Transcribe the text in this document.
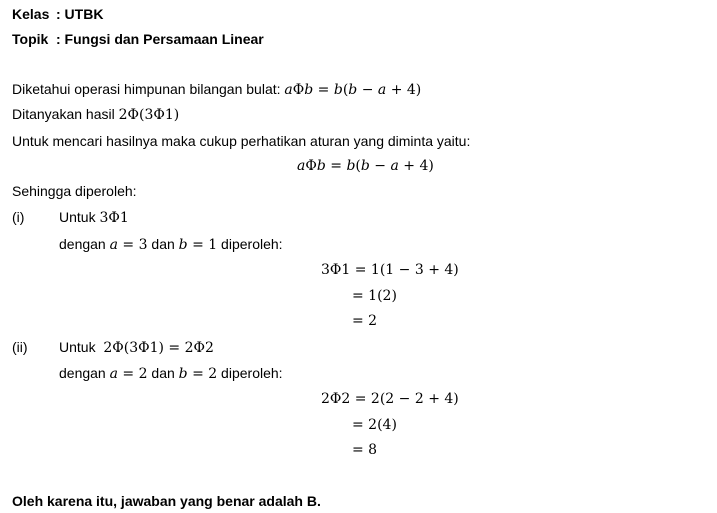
Kelas : UTBK
Topik : Fungsi dan Persamaan Linear
Diketahui operasi himpunan bilangan bulat: aΦb = b(b − a + 4)
Ditanyakan hasil 2Φ(3Φ1)
Untuk mencari hasilnya maka cukup perhatikan aturan yang diminta yaitu:
aΦb = b(b − a + 4)
Sehingga diperoleh:
(i) Untuk 3Φ1
dengan a = 3 dan b = 1 diperoleh:
3Φ1 = 1(1 − 3 + 4)
= 1(2)
= 2
(ii) Untuk  2Φ(3Φ1) = 2Φ2
dengan a = 2 dan b = 2 diperoleh:
2Φ2 = 2(2 − 2 + 4)
= 2(4)
= 8
Oleh karena itu, jawaban yang benar adalah B.
